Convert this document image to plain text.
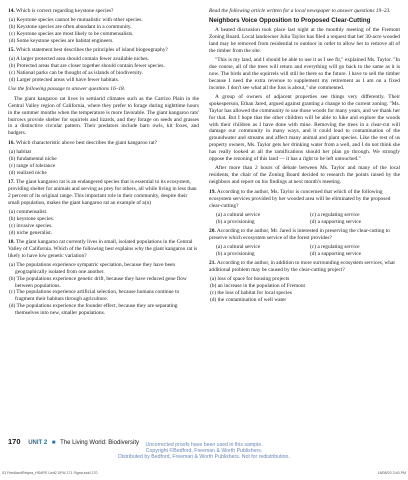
14. Which is correct regarding keystone species?

(a) Keystone species cannot be mutualistic with other species.

(b) Keystone species are often abundant in a community.

(c) Keystone species are most likely to be commensalists.

(d) Some keystone species are habitat engineers.

15. Which statement best describes the principles of island biogeography?

(a) A larger protected area should contain fewer available niches.

(b) Protected areas that are closer together should contain fewer species.

(c) National parks can be thought of as islands of biodiversity.

(d) Larger protected areas will have fewer habitats.

Use the following passage to answer questions 16–18.

The giant kangaroo rat lives in semiarid climates such as the Carrizo Plain in the Central Valley region of California, where they prefer to forage during nighttime hours in the summer months when the temperature is more favorable. The giant kangaroo rats' burrows provide shelter for squirrels and lizards, and they forage on seeds and grasses in a distinctive circular pattern. Their predators include barn owls, kit foxes, and badgers.

16. Which characteristic above best describes the giant kangaroo rat?

(a) habitat

(b) fundamental niche

(c) range of tolerance

(d) realized niche

17. The giant kangaroo rat is an endangered species that is essential to its ecosystem, providing shelter for animals and serving as prey for others, all while living in less than 2 percent of its original range. This important role in their community, despite their small population, makes the giant kangaroo rat an example of a(n)

(a) commensalist.

(b) keystone species.

(c) invasive species.

(d) niche generalist.

18. The giant kangaroo rat currently lives in small, isolated populations in the Central Valley of California. Which of the following best explains why the giant kangaroo rat is likely to have low genetic variation?

(a) The populations experience sympatric speciation, because they have been geographically isolated from one another.

(b) The populations experience genetic drift, because they have reduced gene flow between populations.

(c) The populations experience artificial selection, because humans continue to fragment their habitats through agriculture.

(d) The populations experience the founder effect, because they are separating themselves into new, smaller populations.

Read the following article written for a local newspaper to answer questions 19–23.

Neighbors Voice Opposition to Proposed Clear-Cutting

A heated discussion took place last night at the monthly meeting of the Fremont Zoning Board. Local landowner Julia Taylor has filed a request that her 30-acre wooded land may be removed from residential to outdoor in order to allow her to remove all of the timber from the site.

"This is my land, and I should be able to use it as I see fit," explained Ms. Taylor. "In due course, all of the trees will return and everything will go back to the same as it is now. The birds and the squirrels will still be there so the future. I have to sell the timber because I need the extra revenue to supplement my retirement as I am on a fixed income. I don't see what all the fuss is about," she commented.

A group of owners of adjacent properties see things very differently. Their spokesperson, Ethan Jared, argued against granting a change to the current zoning. "Ms. Taylor has allowed the community to use those woods for many years, and we thank her for that. But I hope that the other children will be able to hike and explore the woods with their children as I have done with mine. Removing the trees in a clear-cut will damage our community in many ways, and it could lead to contamination of the groundwater and streams and affect many animal and plant species. Like the rest of us property owners, Ms. Taylor gets her drinking water from a well, and I do not think she has really looked at all the ramifications should her plan go through. We strongly oppose the rezoning of this land — it has a right to be left untouched."

After more than 2 hours of debate between Ms. Taylor and many of the local residents, the chair of the Zoning Board decided to research the points raised by the neighbors and report on his findings at next month's meeting.

19. According to the author, Ms. Taylor is concerned that which of the following ecosystem services provided by her wooded area will be eliminated by the proposed clear-cutting?

(a) a cultural service	(c) a regulating service
(b) a provisioning	(d) a supporting service

20. According to the author, Mr. Jared is interested in preserving the clear-cutting to preserve which ecosystem service of the forest provides?

(a) a cultural service	(c) a regulating service
(b) a provisioning	(d) a supporting service

21. According to the author, in addition to more surrounding ecosystem services, what additional problem may be caused by the clear-cutting project?

(a) loss of space for housing projects

(b) an increase in the population of Fremont

(c) the loss of habitat for local species

(d) the contamination of well water

170 UNIT 2 ■ The Living World: Biodiversity	Uncorrected proofs have been used in this sample.
Copyright ©Bedford, Freeman & Worth Publishers.
Distributed by Bedford, Freeman & Worth Publishers. Not for redistribution.
03 FriedlandRelyea_HSAPE Unit2 DFM 171 Signa.indd 170	18/08/20 3:40 PM
